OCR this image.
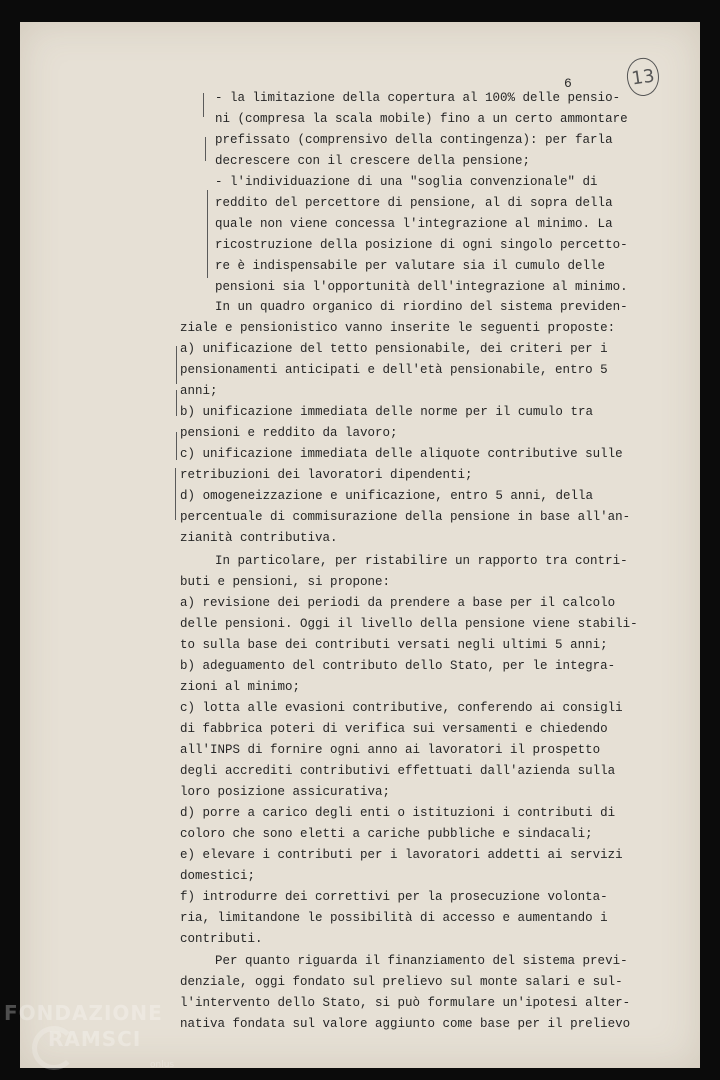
6	13
- la limitazione della copertura al 100% delle pensio-
ni (compresa la scala mobile) fino a un certo ammontare
prefissato (comprensivo della contingenza): per farla
decrescere con il crescere della pensione;
- l'individuazione di una "soglia convenzionale" di
reddito del percettore di pensione, al di sopra della
quale non viene concessa l'integrazione al minimo. La
ricostruzione della posizione di ogni singolo percetto-
re è indispensabile per valutare sia il cumulo delle
pensioni sia l'opportunità dell'integrazione al minimo.
In un quadro organico di riordino del sistema previden-
ziale e pensionistico vanno inserite le seguenti proposte:
a) unificazione del tetto pensionabile, dei criteri per i
pensionamenti anticipati e dell'età pensionabile, entro 5
anni;
b) unificazione immediata delle norme per il cumulo tra
pensioni e reddito da lavoro;
c) unificazione immediata delle aliquote contributive sulle
retribuzioni dei lavoratori dipendenti;
d) omogeneizzazione e unificazione, entro 5 anni, della
percentuale di commisurazione della pensione in base all'an-
zianità contributiva.
In particolare, per ristabilire un rapporto tra contri-
buti e pensioni, si propone:
a) revisione dei periodi da prendere a base per il calcolo
delle pensioni. Oggi il livello della pensione viene stabili-
to sulla base dei contributi versati negli ultimi 5 anni;
b) adeguamento del contributo dello Stato, per le integra-
zioni al minimo;
c) lotta alle evasioni contributive, conferendo ai consigli
di fabbrica poteri di verifica sui versamenti e chiedendo
all'INPS di fornire ogni anno ai lavoratori il prospetto
degli accrediti contributivi effettuati dall'azienda sulla
loro posizione assicurativa;
d) porre a carico degli enti o istituzioni i contributi di
coloro che sono eletti a cariche pubbliche e sindacali;
e) elevare i contributi per i lavoratori addetti ai servizi
domestici;
f) introdurre dei correttivi per la prosecuzione volonta-
ria, limitandone le possibilità di accesso e aumentando i
contributi.
Per quanto riguarda il finanziamento del sistema previ-
denziale, oggi fondato sul prelievo sul monte salari e sul-
l'intervento dello Stato, si può formulare un'ipotesi alter-
nativa fondata sul valore aggiunto come base per il prelievo
FONDAZIONE
RAMSCI
onlus
